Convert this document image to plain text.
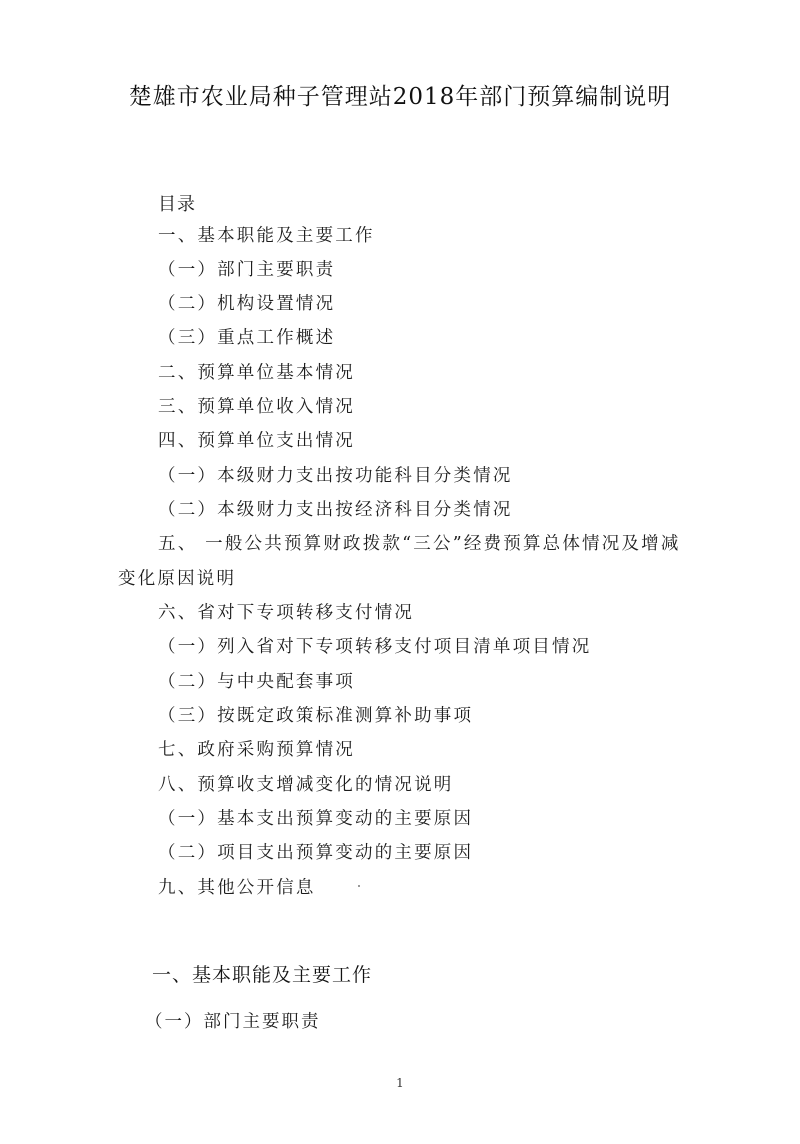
楚雄市农业局种子管理站2018年部门预算编制说明
目录
一、基本职能及主要工作
（一）部门主要职责
（二）机构设置情况
（三）重点工作概述
二、预算单位基本情况
三、预算单位收入情况
四、预算单位支出情况
（一）本级财力支出按功能科目分类情况
（二）本级财力支出按经济科目分类情况
五、 一般公共预算财政拨款“三公”经费预算总体情况及增减
变化原因说明
六、省对下专项转移支付情况
（一）列入省对下专项转移支付项目清单项目情况
（二）与中央配套事项
（三）按既定政策标准测算补助事项
七、政府采购预算情况
八、预算收支增减变化的情况说明
（一）基本支出预算变动的主要原因
（二）项目支出预算变动的主要原因
九、其他公开信息
一、基本职能及主要工作
（一）部门主要职责
1
